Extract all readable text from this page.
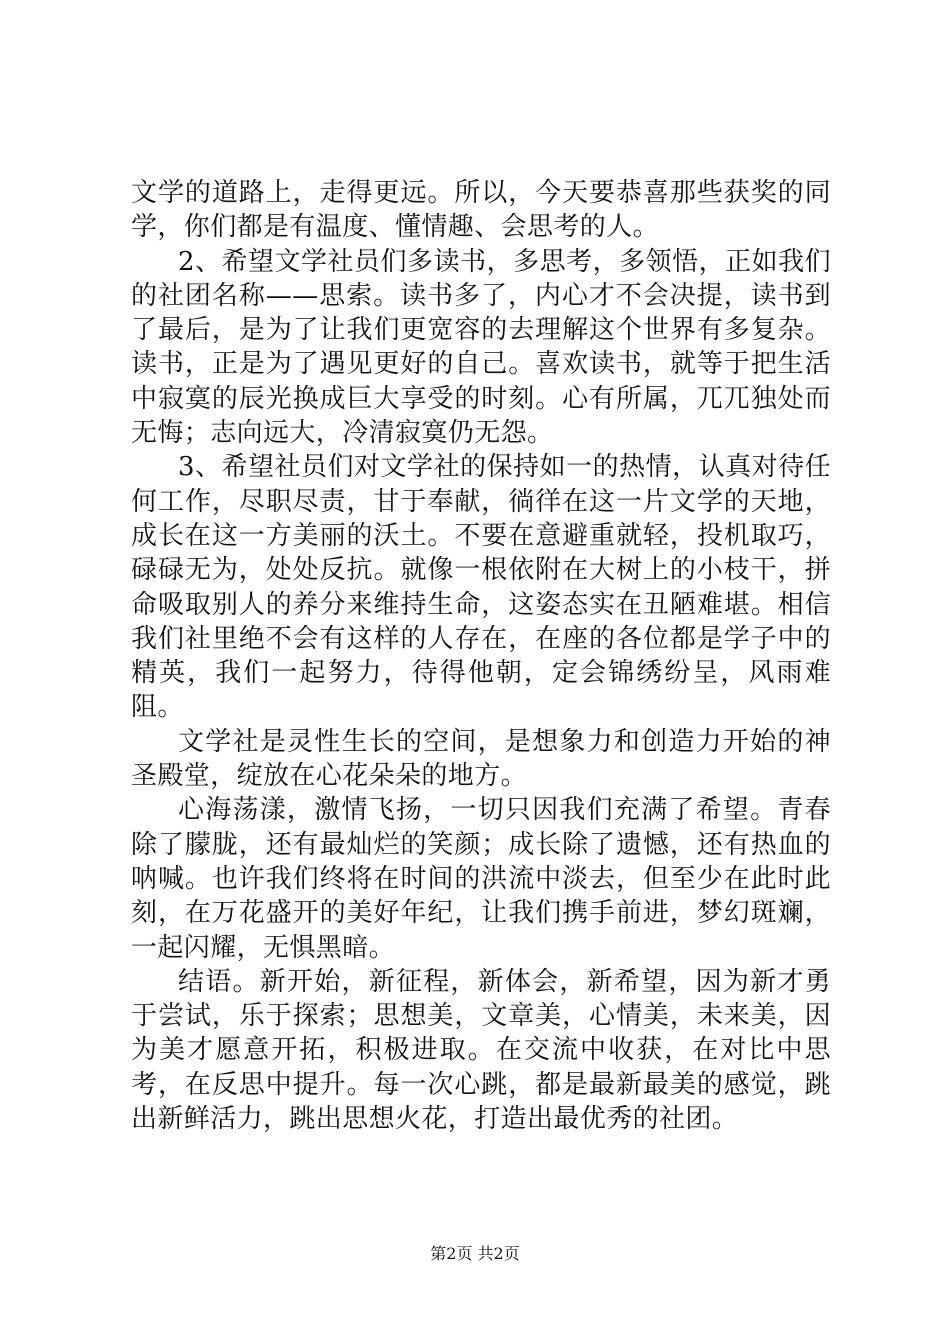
文学的道路上，走得更远。所以，今天要恭喜那些获奖的同学，你们都是有温度、懂情趣、会思考的人。

2、希望文学社员们多读书，多思考，多领悟，正如我们的社团名称——思索。读书多了，内心才不会决提，读书到了最后，是为了让我们更宽容的去理解这个世界有多复杂。读书，正是为了遇见更好的自己。喜欢读书，就等于把生活中寂寞的辰光换成巨大享受的时刻。心有所属，兀兀独处而无悔；志向远大，冷清寂寞仍无怨。

3、希望社员们对文学社的保持如一的热情，认真对待任何工作，尽职尽责，甘于奉献，徜徉在这一片文学的天地，成长在这一方美丽的沃土。不要在意避重就轻，投机取巧，碌碌无为，处处反抗。就像一根依附在大树上的小枝干，拼命吸取别人的养分来维持生命，这姿态实在丑陋难堪。相信我们社里绝不会有这样的人存在，在座的各位都是学子中的精英，我们一起努力，待得他朝，定会锦绣纷呈，风雨难阻。

文学社是灵性生长的空间，是想象力和创造力开始的神圣殿堂，绽放在心花朵朵的地方。

心海荡漾，激情飞扬，一切只因我们充满了希望。青春除了朦胧，还有最灿烂的笑颜；成长除了遗憾，还有热血的呐喊。也许我们终将在时间的洪流中淡去，但至少在此时此刻，在万花盛开的美好年纪，让我们携手前进，梦幻斑斓，一起闪耀，无惧黑暗。

结语。新开始，新征程，新体会，新希望，因为新才勇于尝试，乐于探索；思想美，文章美，心情美，未来美，因为美才愿意开拓，积极进取。在交流中收获，在对比中思考，在反思中提升。每一次心跳，都是最新最美的感觉，跳出新鲜活力，跳出思想火花，打造出最优秀的社团。

第2页 共2页
